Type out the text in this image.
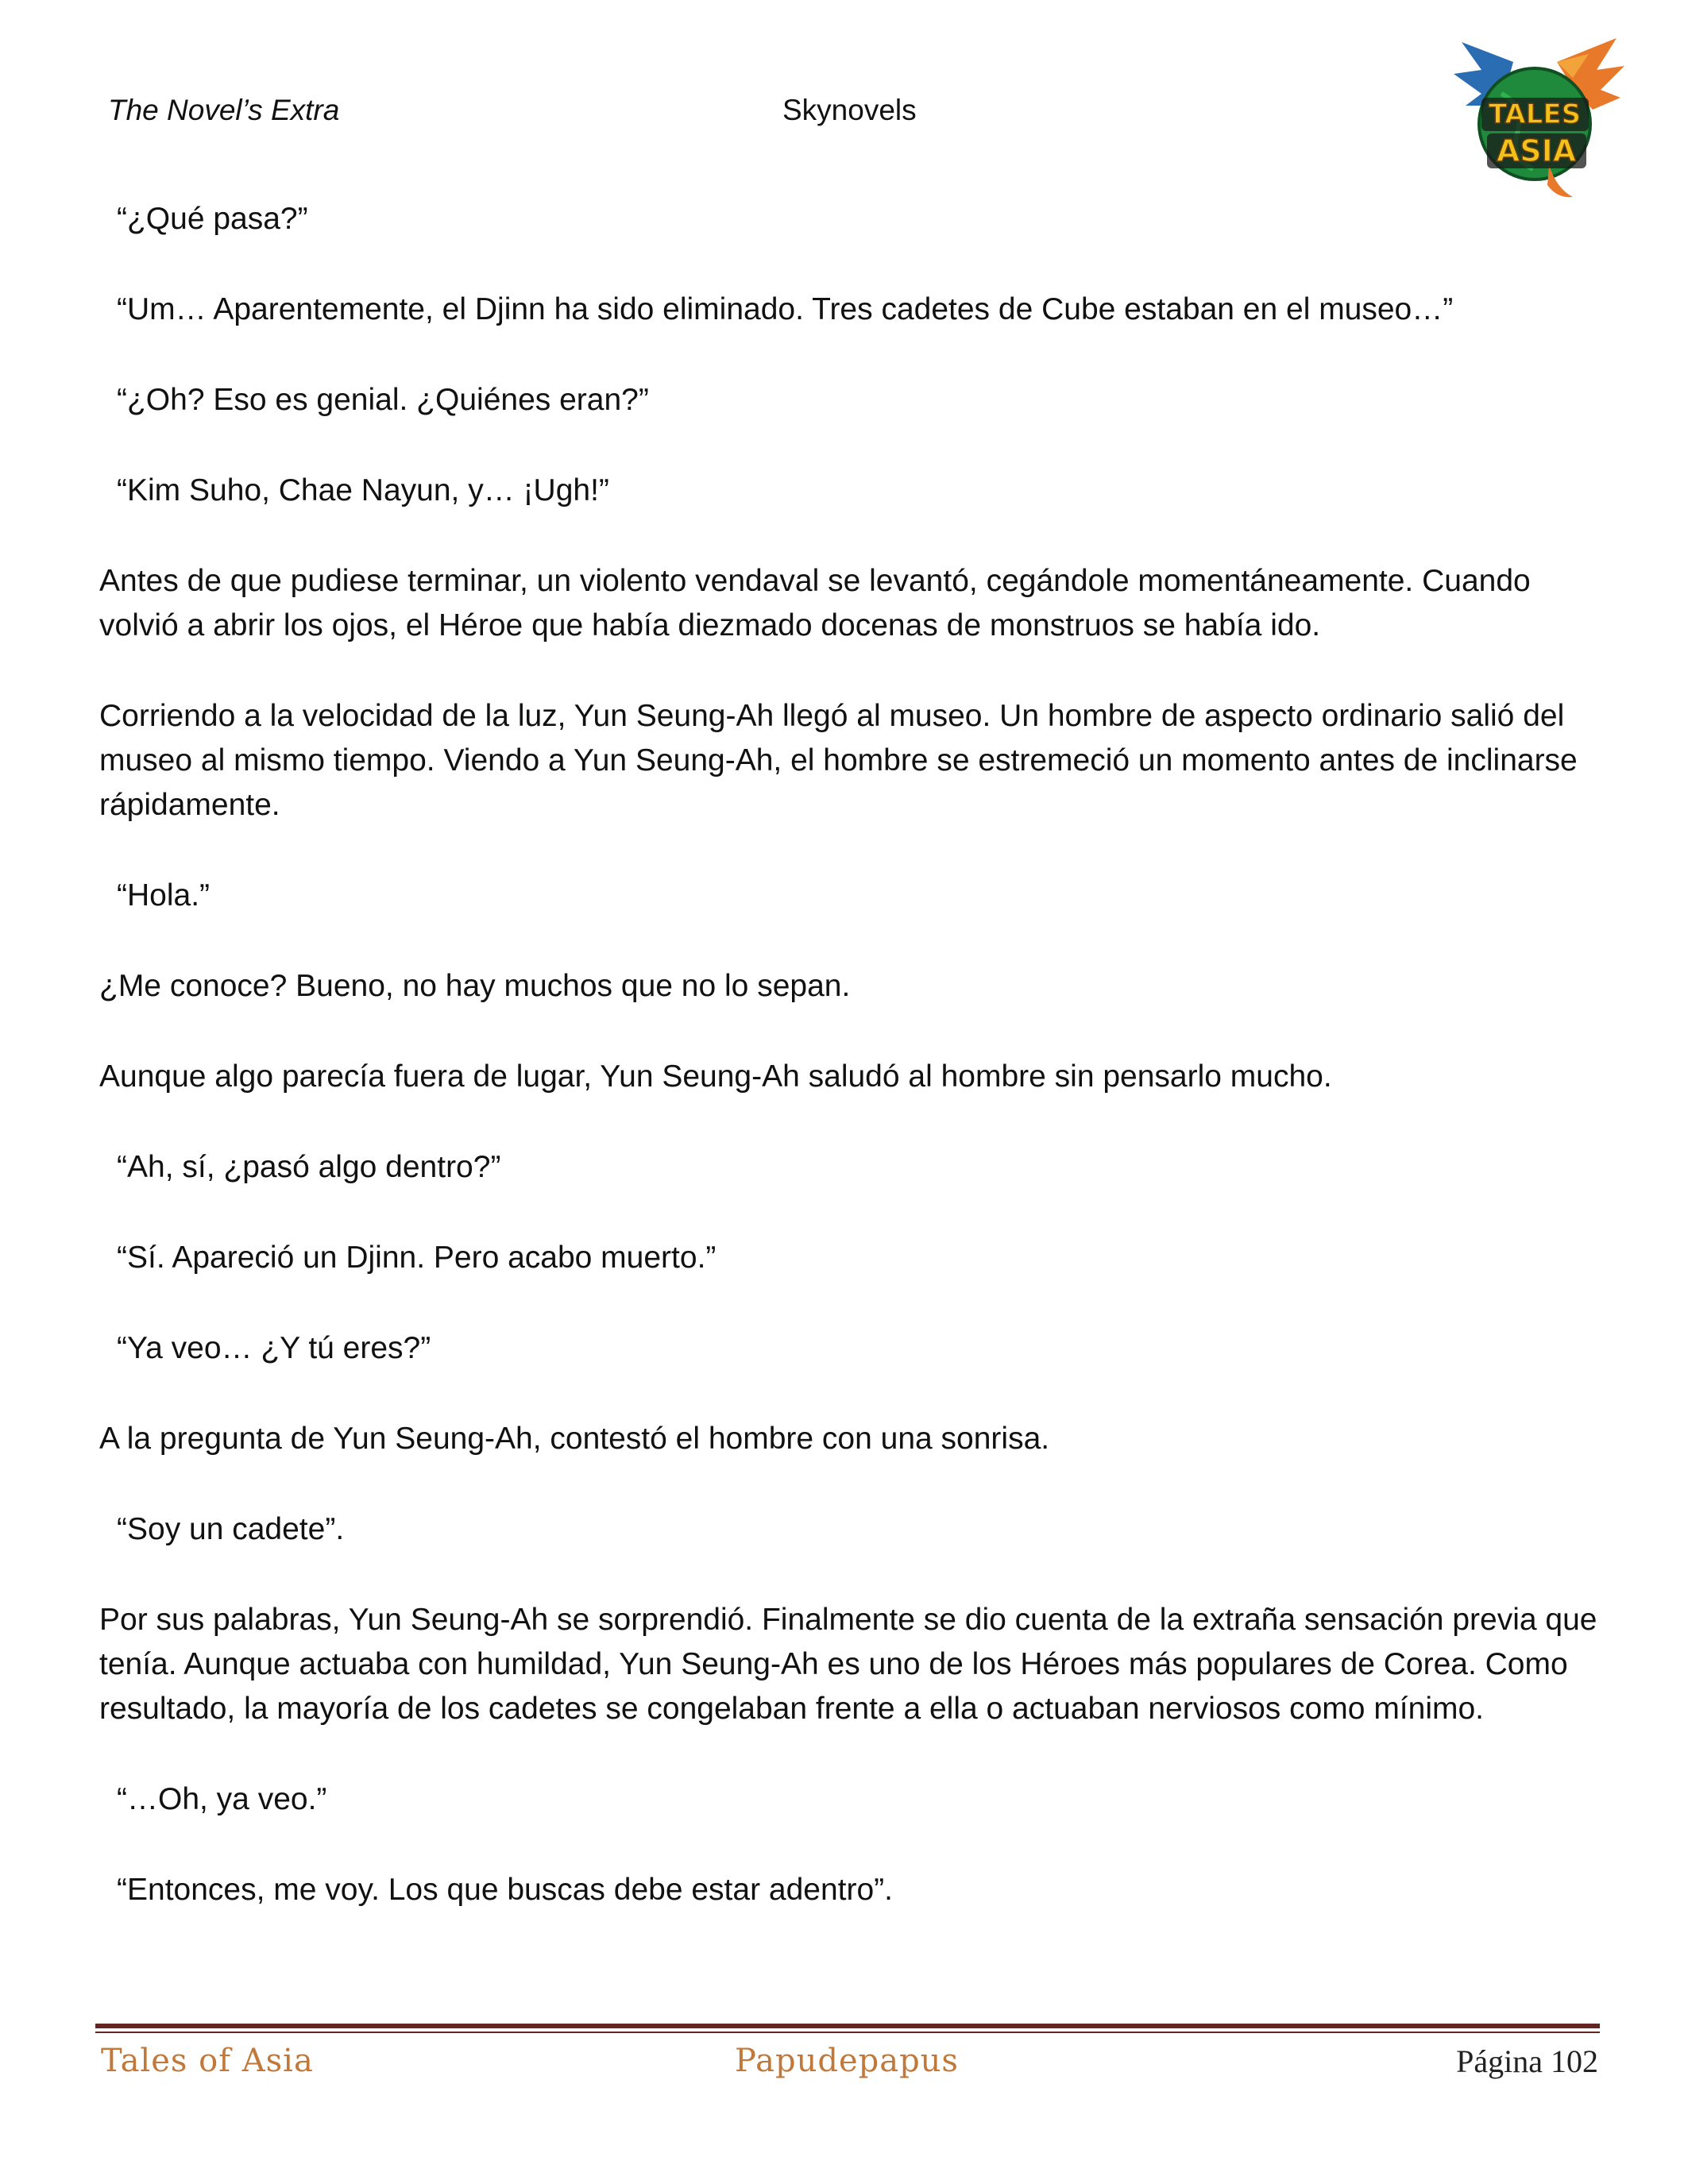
The Novel’s Extra	Skynovels	TALES
ASIA

“¿Qué pasa?”

“Um… Aparentemente, el Djinn ha sido eliminado. Tres cadetes de Cube estaban en el museo…”

“¿Oh? Eso es genial. ¿Quiénes eran?”

“Kim Suho, Chae Nayun, y… ¡Ugh!”

Antes de que pudiese terminar, un violento vendaval se levantó, cegándole momentáneamente. Cuando volvió a abrir los ojos, el Héroe que había diezmado docenas de monstruos se había ido.

Corriendo a la velocidad de la luz, Yun Seung-Ah llegó al museo. Un hombre de aspecto ordinario salió del museo al mismo tiempo. Viendo a Yun Seung-Ah, el hombre se estremeció un momento antes de inclinarse rápidamente.

“Hola.”

¿Me conoce? Bueno, no hay muchos que no lo sepan.

Aunque algo parecía fuera de lugar, Yun Seung-Ah saludó al hombre sin pensarlo mucho.

“Ah, sí, ¿pasó algo dentro?”

“Sí. Apareció un Djinn. Pero acabo muerto.”

“Ya veo… ¿Y tú eres?”

A la pregunta de Yun Seung-Ah, contestó el hombre con una sonrisa.

“Soy un cadete”.

Por sus palabras, Yun Seung-Ah se sorprendió. Finalmente se dio cuenta de la extraña sensación previa que tenía. Aunque actuaba con humildad, Yun Seung-Ah es uno de los Héroes más populares de Corea. Como resultado, la mayoría de los cadetes se congelaban frente a ella o actuaban nerviosos como mínimo.

“…Oh, ya veo.”

“Entonces, me voy. Los que buscas debe estar adentro”.

Tales of Asia	Papudepapus	Página 102
